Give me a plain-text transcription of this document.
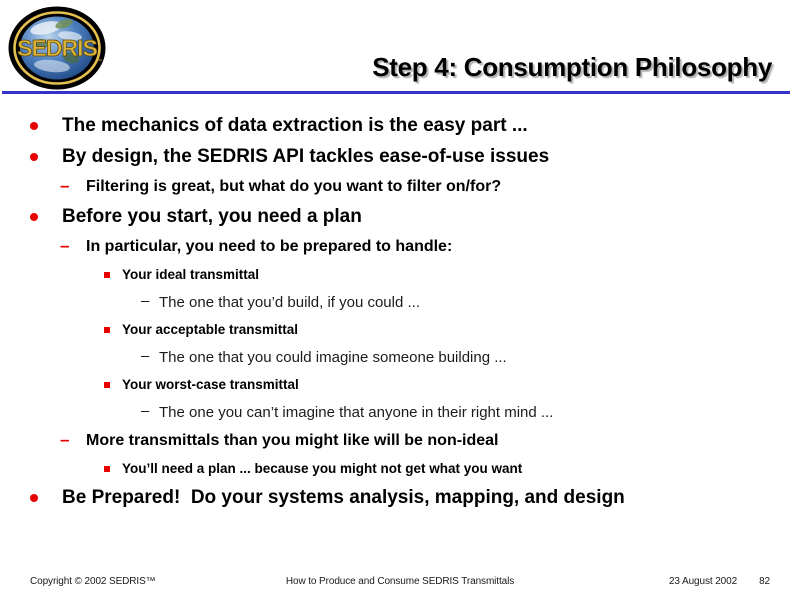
SEDRIS
™	Step 4: Consumption Philosophy
The mechanics of data extraction is the easy part ...
By design, the SEDRIS API tackles ease-of-use issues
– Filtering is great, but what do you want to filter on/for?
Before you start, you need a plan
– In particular, you need to be prepared to handle:
Your ideal transmittal
– The one that you’d build, if you could ...
Your acceptable transmittal
– The one that you could imagine someone building ...
Your worst-case transmittal
– The one you can’t imagine that anyone in their right mind ...
– More transmittals than you might like will be non-ideal
You’ll need a plan ... because you might not get what you want
Be Prepared!  Do your systems analysis, mapping, and design
Copyright © 2002 SEDRIS™	How to Produce and Consume SEDRIS Transmittals	23 August 2002 82
